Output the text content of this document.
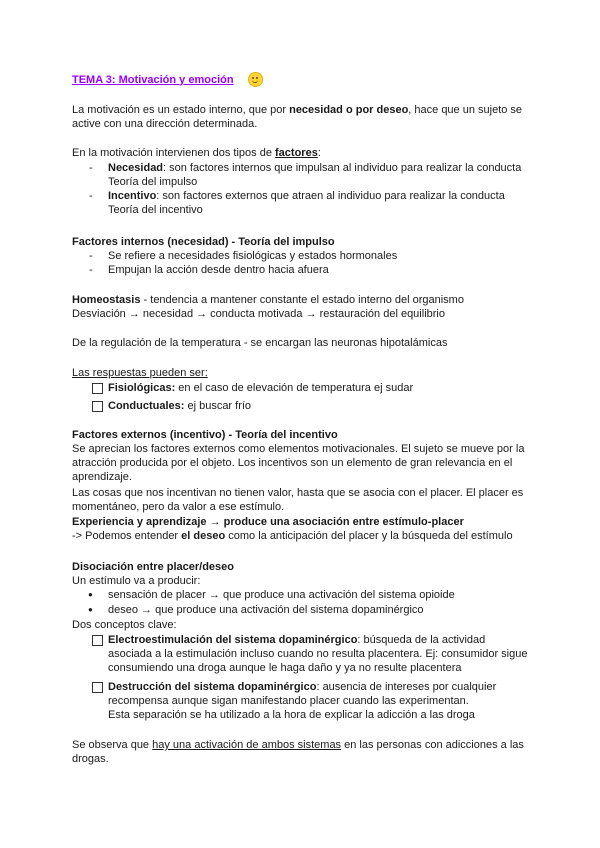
TEMA 3: Motivación y emoción

La motivación es un estado interno, que por necesidad o por deseo, hace que un sujeto se active con una dirección determinada.

En la motivación intervienen dos tipos de factores:

- Necesidad: son factores internos que impulsan al individuo para realizar la conducta
Teoría del impulso
- Incentivo: son factores externos que atraen al individuo para realizar la conducta
Teoría del incentivo

Factores internos (necesidad) - Teoría del impulso

- Se refiere a necesidades fisiológicas y estados hormonales
- Empujan la acción desde dentro hacia afuera

Homeostasis - tendencia a mantener constante el estado interno del organismo
Desviación → necesidad → conducta motivada → restauración del equilibrio

De la regulación de la temperatura - se encargan las neuronas hipotalámicas

Las respuestas pueden ser:

Fisiológicas: en el caso de elevación de temperatura ej sudar
Conductuales: ej buscar frío

Factores externos (incentivo) - Teoría del incentivo

Se aprecian los factores externos como elementos motivacionales. El sujeto se mueve por la atracción producida por el objeto. Los incentivos son un elemento de gran relevancia en el aprendizaje.

Las cosas que nos incentivan no tienen valor, hasta que se asocia con el placer. El placer es momentáneo, pero da valor a ese estímulo.

Experiencia y aprendizaje → produce una asociación entre estímulo-placer

-> Podemos entender el deseo como la anticipación del placer y la búsqueda del estímulo

Disociación entre placer/deseo

Un estímulo va a producir:

● sensación de placer → que produce una activación del sistema opioide
● deseo → que produce una activación del sistema dopaminérgico

Dos conceptos clave:

Electroestimulación del sistema dopaminérgico: búsqueda de la actividad asociada a la estimulación incluso cuando no resulta placentera. Ej: consumidor sigue consumiendo una droga aunque le haga daño y ya no resulte placentera
Destrucción del sistema dopaminérgico: ausencia de intereses por cualquier recompensa aunque sigan manifestando placer cuando las experimentan.
Esta separación se ha utilizado a la hora de explicar la adicción a las droga

Se observa que hay una activación de ambos sistemas en las personas con adicciones a las drogas.
